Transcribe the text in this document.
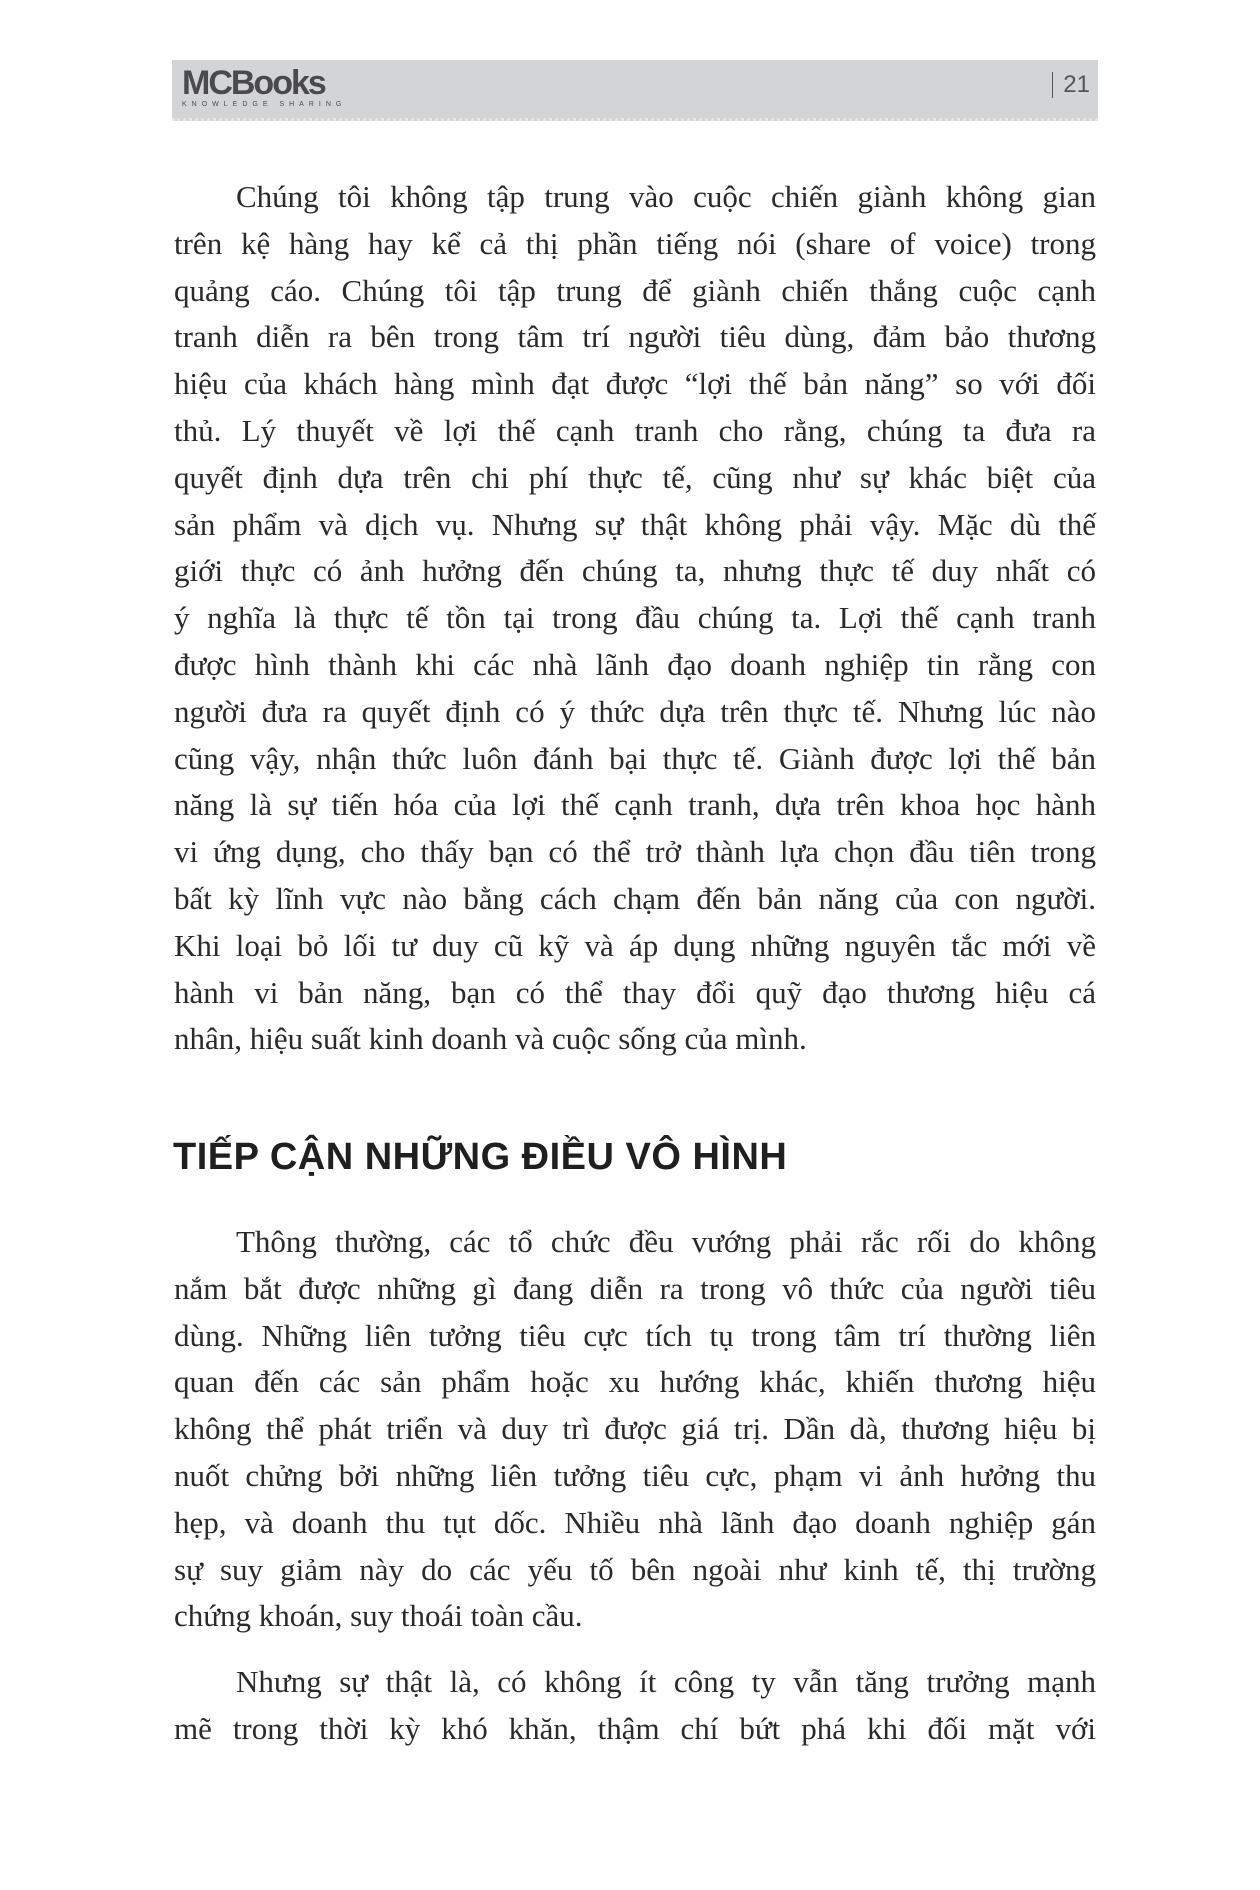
MCBooks
KNOWLEDGE SHARING
21
Chúng tôi không tập trung vào cuộc chiến giành không gian
trên kệ hàng hay kể cả thị phần tiếng nói (share of voice) trong
quảng cáo. Chúng tôi tập trung để giành chiến thắng cuộc cạnh
tranh diễn ra bên trong tâm trí người tiêu dùng, đảm bảo thương
hiệu của khách hàng mình đạt được “lợi thế bản năng” so với đối
thủ. Lý thuyết về lợi thế cạnh tranh cho rằng, chúng ta đưa ra
quyết định dựa trên chi phí thực tế, cũng như sự khác biệt của
sản phẩm và dịch vụ. Nhưng sự thật không phải vậy. Mặc dù thế
giới thực có ảnh hưởng đến chúng ta, nhưng thực tế duy nhất có
ý nghĩa là thực tế tồn tại trong đầu chúng ta. Lợi thế cạnh tranh
được hình thành khi các nhà lãnh đạo doanh nghiệp tin rằng con
người đưa ra quyết định có ý thức dựa trên thực tế. Nhưng lúc nào
cũng vậy, nhận thức luôn đánh bại thực tế. Giành được lợi thế bản
năng là sự tiến hóa của lợi thế cạnh tranh, dựa trên khoa học hành
vi ứng dụng, cho thấy bạn có thể trở thành lựa chọn đầu tiên trong
bất kỳ lĩnh vực nào bằng cách chạm đến bản năng của con người.
Khi loại bỏ lối tư duy cũ kỹ và áp dụng những nguyên tắc mới về
hành vi bản năng, bạn có thể thay đổi quỹ đạo thương hiệu cá
nhân, hiệu suất kinh doanh và cuộc sống của mình.
TIẾP CẬN NHỮNG ĐIỀU VÔ HÌNH
Thông thường, các tổ chức đều vướng phải rắc rối do không
nắm bắt được những gì đang diễn ra trong vô thức của người tiêu
dùng. Những liên tưởng tiêu cực tích tụ trong tâm trí thường liên
quan đến các sản phẩm hoặc xu hướng khác, khiến thương hiệu
không thể phát triển và duy trì được giá trị. Dần dà, thương hiệu bị
nuốt chửng bởi những liên tưởng tiêu cực, phạm vi ảnh hưởng thu
hẹp, và doanh thu tụt dốc. Nhiều nhà lãnh đạo doanh nghiệp gán
sự suy giảm này do các yếu tố bên ngoài như kinh tế, thị trường
chứng khoán, suy thoái toàn cầu.
Nhưng sự thật là, có không ít công ty vẫn tăng trưởng mạnh
mẽ trong thời kỳ khó khăn, thậm chí bứt phá khi đối mặt với
